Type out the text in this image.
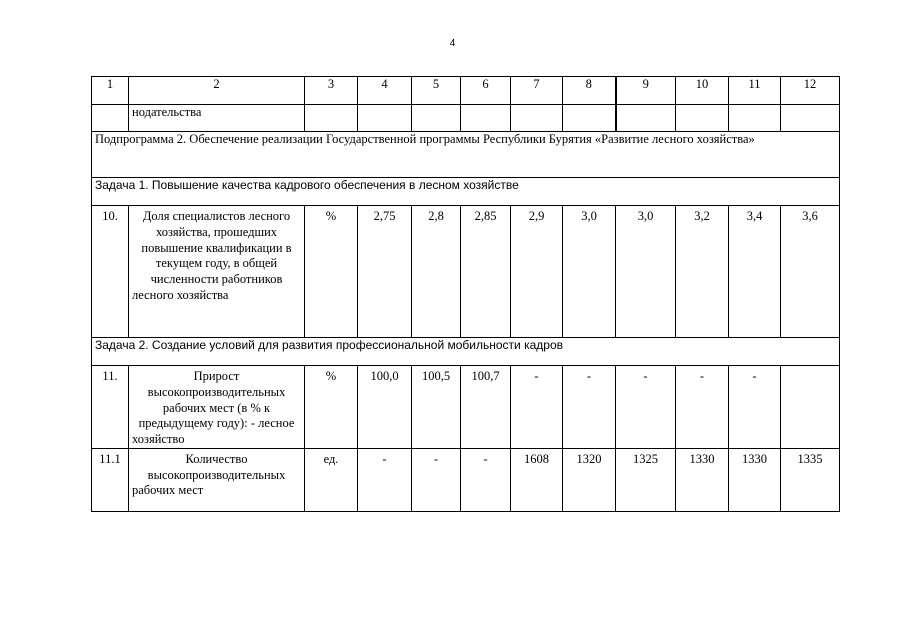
4
1	2	3	4	5	6	7	8	9	10	11	12
	нодательства										
Подпрограмма 2. Обеспечение реализации Государственной программы Республики Бурятия «Развитие лесного хозяйства»											
Задача 1. Повышение качества кадрового обеспечения в лесном хозяйстве											
10.	Доля специалистов лесного хозяйства, прошедших повышение квалификации в текущем году, в общей численности работников лесного хозяйства	%	2,75	2,8	2,85	2,9	3,0	3,0	3,2	3,4	3,6
Задача 2. Создание условий для развития профессиональной мобильности кадров											
11.	Прирост высокопроизводительных рабочих мест (в % к предыдущему году): - лесное хозяйство	%	100,0	100,5	100,7	-	-	-	-	-	
11.1	Количество высокопроизводительных рабочих мест	ед.	-	-	-	1608	1320	1325	1330	1330	1335
